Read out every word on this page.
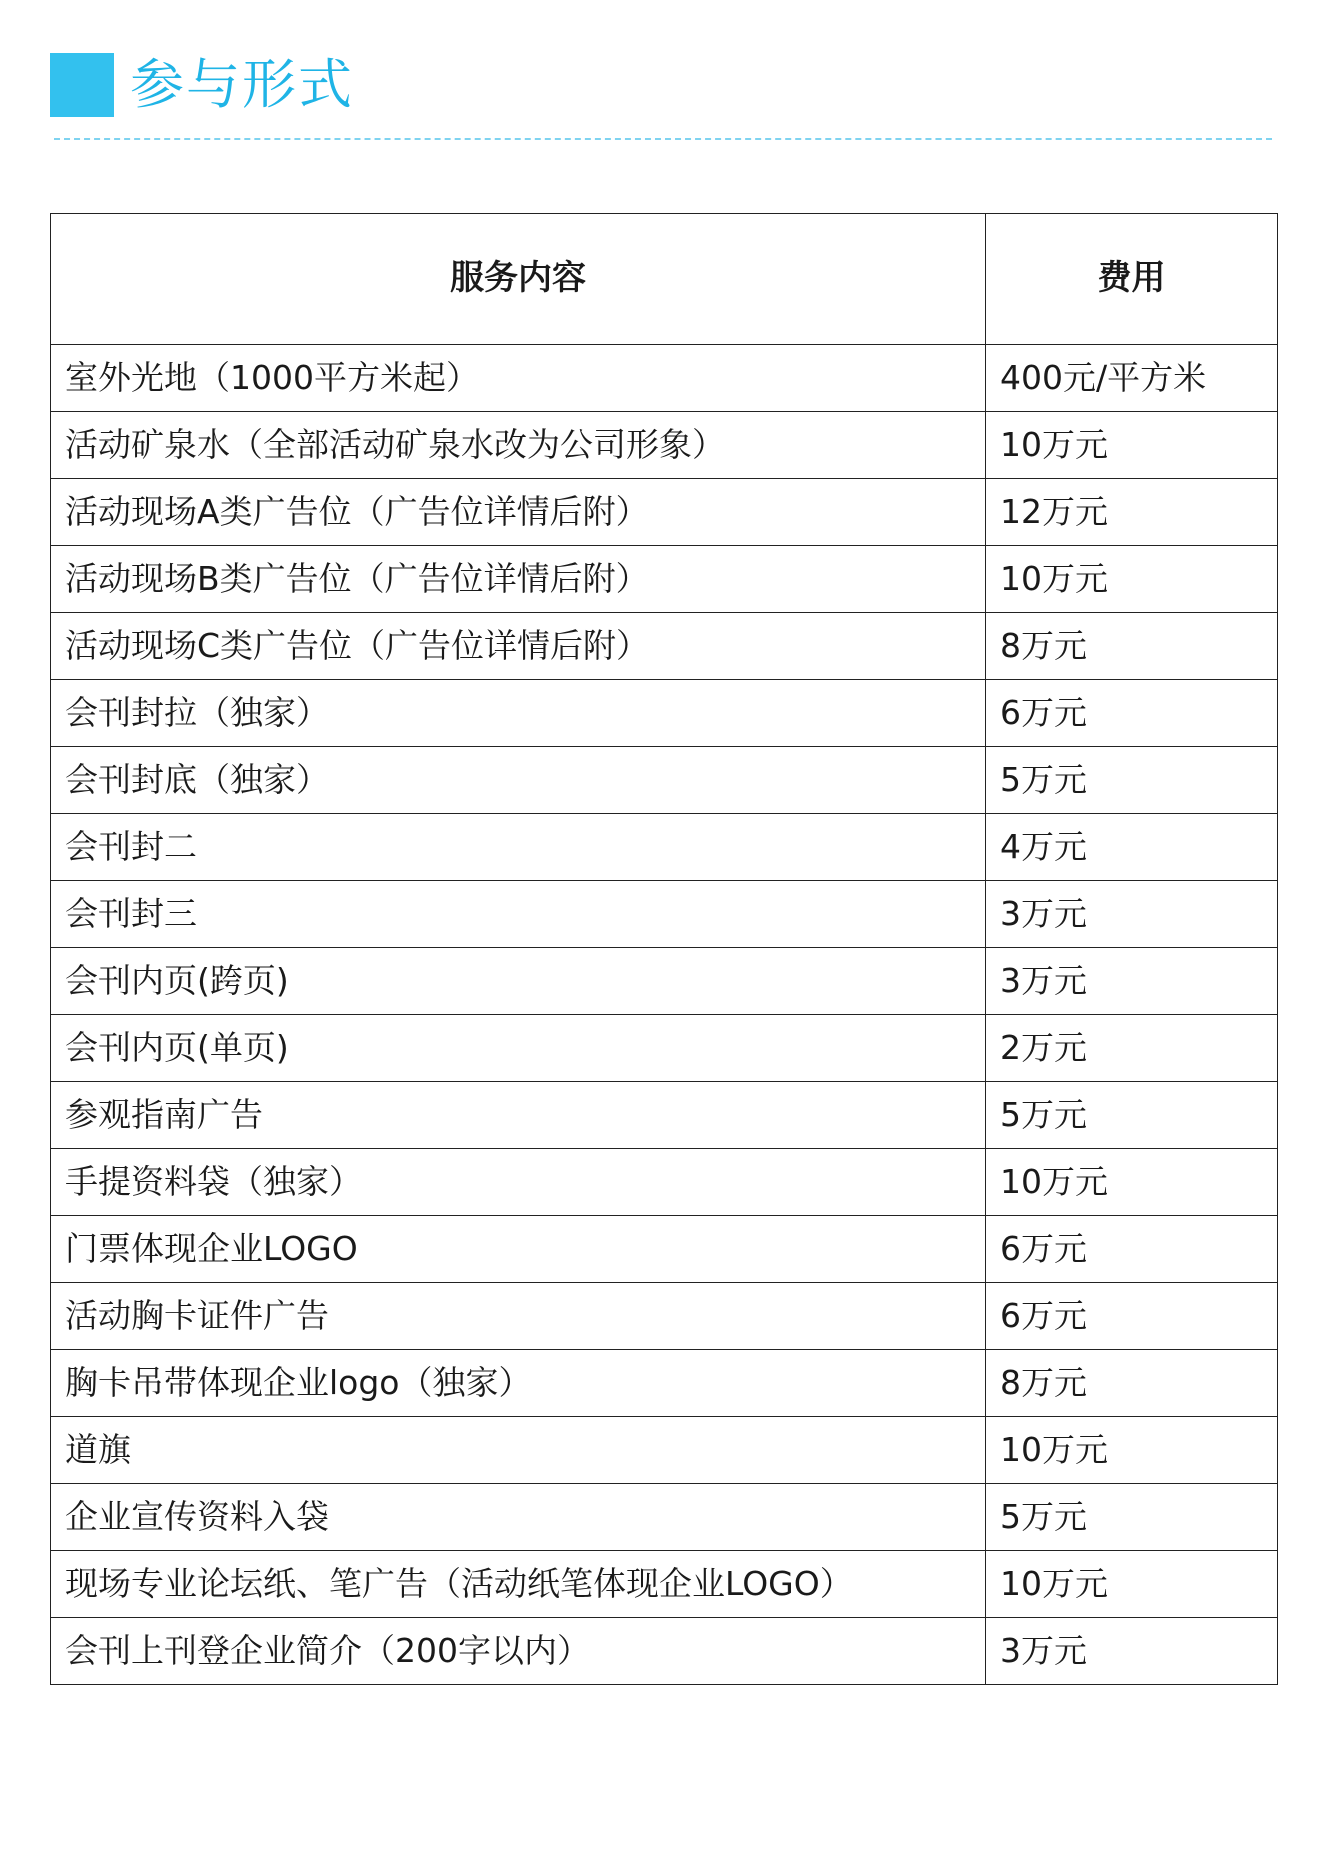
参与形式
服务内容	费用
室外光地（1000平方米起）	400元/平方米
活动矿泉水（全部活动矿泉水改为公司形象）	10万元
活动现场A类广告位（广告位详情后附）	12万元
活动现场B类广告位（广告位详情后附）	10万元
活动现场C类广告位（广告位详情后附）	8万元
会刊封拉（独家）	6万元
会刊封底（独家）	5万元
会刊封二	4万元
会刊封三	3万元
会刊内页(跨页)	3万元
会刊内页(单页)	2万元
参观指南广告	5万元
手提资料袋（独家）	10万元
门票体现企业LOGO	6万元
活动胸卡证件广告	6万元
胸卡吊带体现企业logo（独家）	8万元
道旗	10万元
企业宣传资料入袋	5万元
现场专业论坛纸、笔广告（活动纸笔体现企业LOGO）	10万元
会刊上刊登企业简介（200字以内）	3万元
